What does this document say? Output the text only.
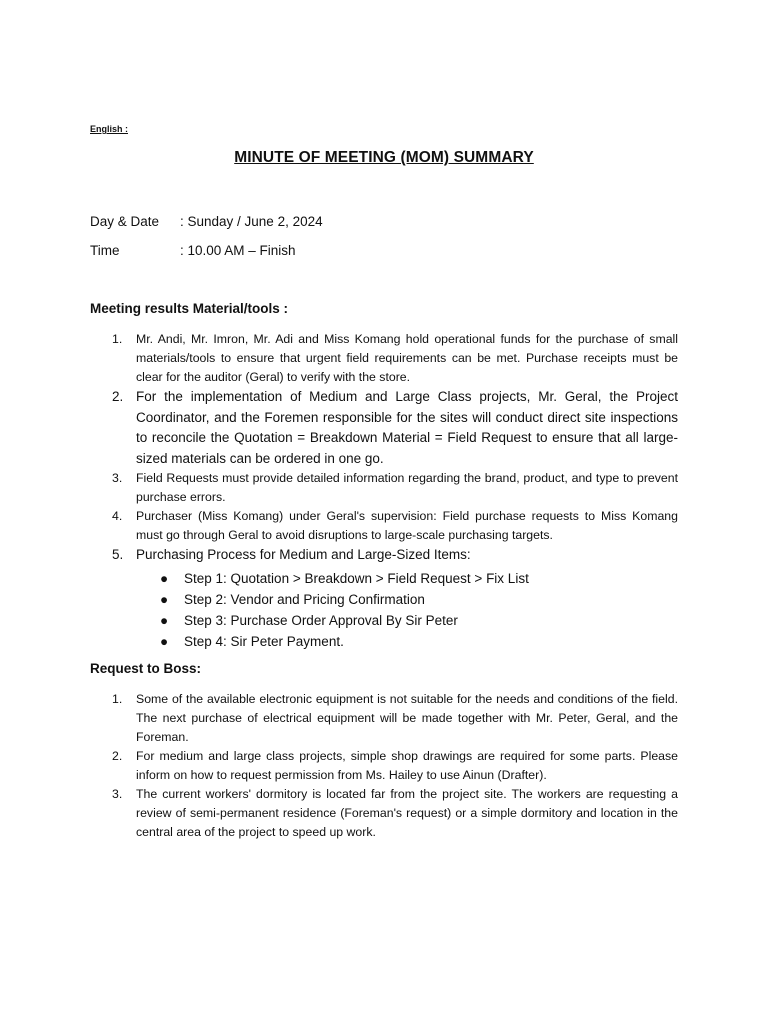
English :
MINUTE OF MEETING (MOM) SUMMARY
Day & Date : Sunday / June 2, 2024
Time	: 10.00 AM – Finish
Meeting results Material/tools :
1. Mr. Andi, Mr. Imron, Mr. Adi and Miss Komang hold operational funds for the purchase of small materials/tools to ensure that urgent field requirements can be met. Purchase receipts must be clear for the auditor (Geral) to verify with the store.
2. For the implementation of Medium and Large Class projects, Mr. Geral, the Project Coordinator, and the Foremen responsible for the sites will conduct direct site inspections to reconcile the Quotation = Breakdown Material = Field Request to ensure that all large-sized materials can be ordered in one go.
3. Field Requests must provide detailed information regarding the brand, product, and type to prevent purchase errors.
4. Purchaser (Miss Komang) under Geral's supervision: Field purchase requests to Miss Komang must go through Geral to avoid disruptions to large-scale purchasing targets.
5. Purchasing Process for Medium and Large-Sized Items:
● Step 1: Quotation > Breakdown > Field Request > Fix List
● Step 2: Vendor and Pricing Confirmation
● Step 3: Purchase Order Approval By Sir Peter
● Step 4: Sir Peter Payment.
Request to Boss:
1. Some of the available electronic equipment is not suitable for the needs and conditions of the field. The next purchase of electrical equipment will be made together with Mr. Peter, Geral, and the Foreman.
2. For medium and large class projects, simple shop drawings are required for some parts. Please inform on how to request permission from Ms. Hailey to use Ainun (Drafter).
3. The current workers' dormitory is located far from the project site. The workers are requesting a review of semi-permanent residence (Foreman's request) or a simple dormitory and location in the central area of the project to speed up work.
